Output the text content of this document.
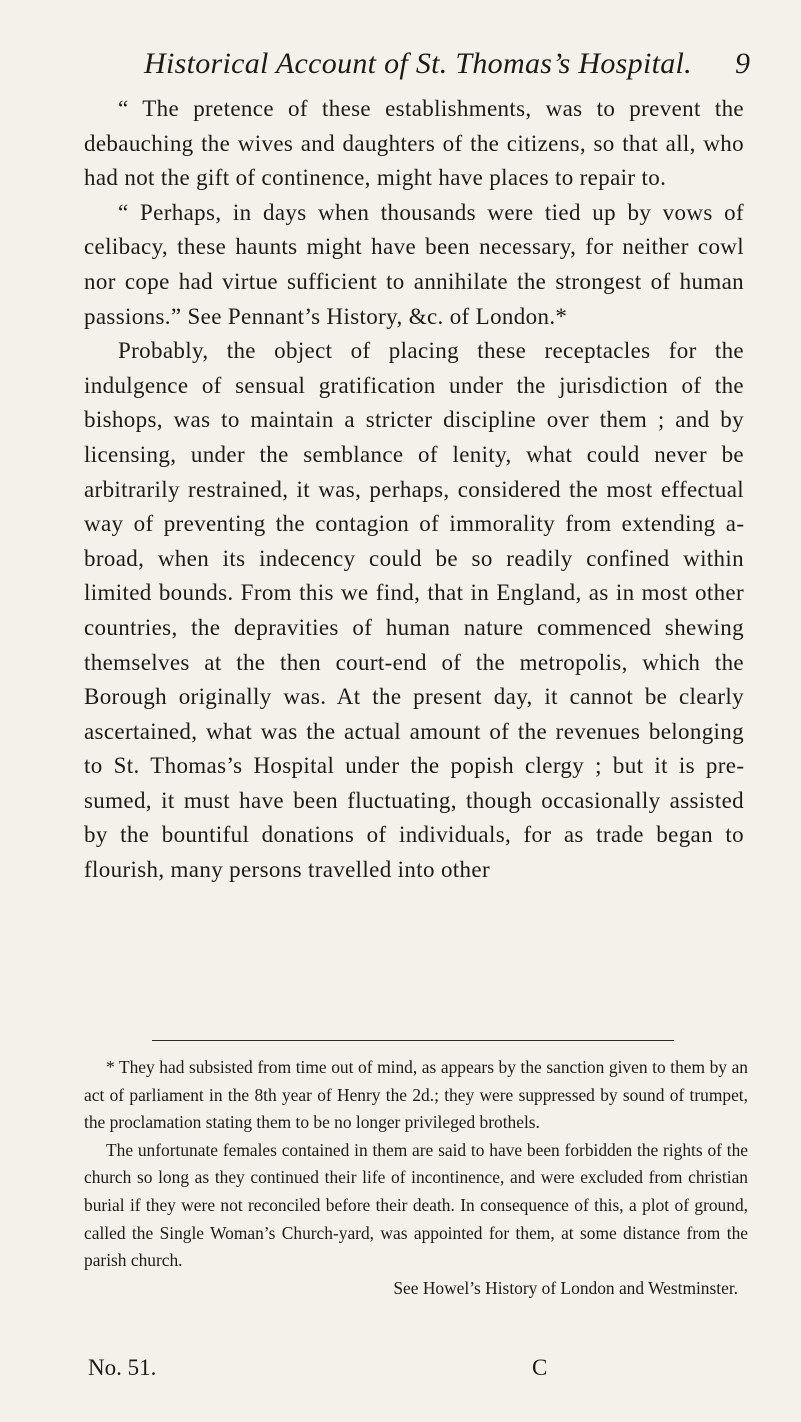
Historical Account of St. Thomas’s Hospital. 9

“ The pretence of these establishments, was to prevent the debauching the wives and daughters of the citizens, so that all, who had not the gift of continence, might have places to repair to.

“ Perhaps, in days when thousands were tied up by vows of celibacy, these haunts might have been necessary, for neither cowl nor cope had virtue sufficient to annihilate the strongest of human passions.” See Pennant’s History, &c. of London.*

Probably, the object of placing these receptacles for the indulgence of sensual gratification under the jurisdiction of the bishops, was to maintain a stricter discipline over them ; and by licensing, under the semblance of lenity, what could never be arbitrarily restrained, it was, perhaps, considered the most effectual way of preventing the contagion of immorality from extending abroad, when its indecency could be so readily confined within limited bounds. From this we find, that in England, as in most other countries, the depravities of human nature commenced shewing themselves at the then court-end of the metropolis, which the Borough originally was. At the present day, it cannot be clearly ascertained, what was the actual amount of the revenues belonging to St. Thomas’s Hospital under the popish clergy ; but it is presumed, it must have been fluctuating, though occasionally assisted by the bountiful donations of individuals, for as trade began to flourish, many persons travelled into other

* They had subsisted from time out of mind, as appears by the sanction given to them by an act of parliament in the 8th year of Henry the 2d.; they were suppressed by sound of trumpet, the proclamation stating them to be no longer privileged brothels.

The unfortunate females contained in them are said to have been forbidden the rights of the church so long as they continued their life of incontinence, and were excluded from christian burial if they were not reconciled before their death. In consequence of this, a plot of ground, called the Single Woman’s Church-yard, was appointed for them, at some distance from the parish church.

See Howel’s History of London and Westminster.

No. 51.	C
